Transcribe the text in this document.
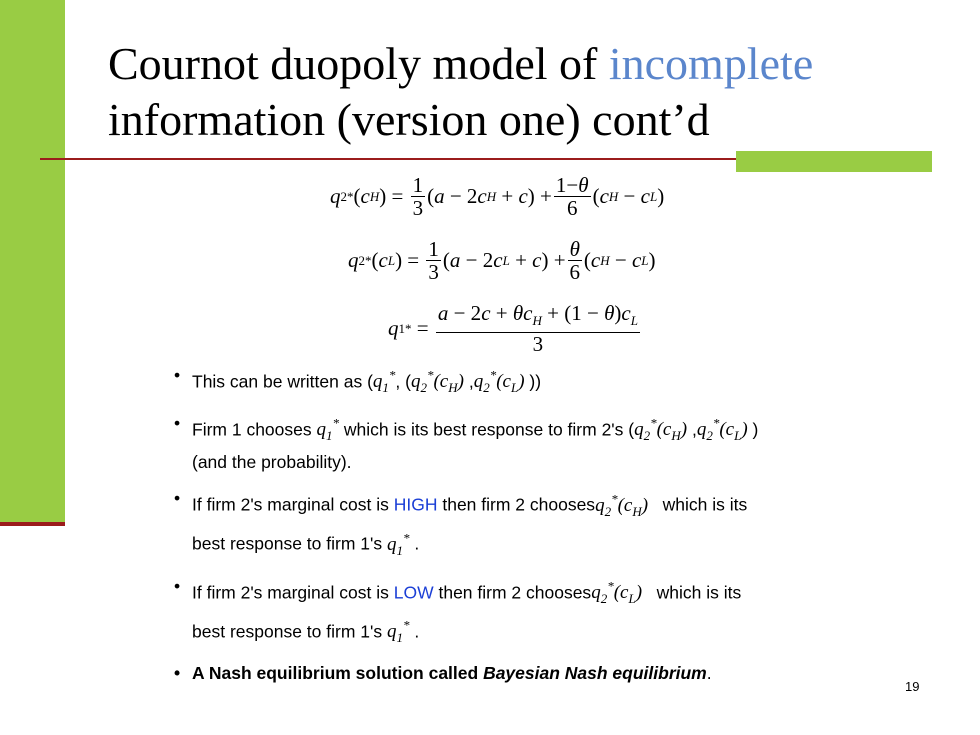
Cournot duopoly model of incomplete
information (version one) cont’d
q 2 * ( c H ) = $\frac{1}{3}$ ( a − 2 c H + c ) + $\frac{1-\theta}{6}$ ( c H − c L )
q 2 * ( c L ) = $\frac{1}{3}$ ( a − 2 c L + c ) + $\frac{\theta}{6}$ ( c H − c L )
q 1 * = $\frac{a - 2c + \theta c_H + (1 - \theta)c_L}{3}$
• This can be written as ($q_1^*$, ($q_2^*(c_H)$ $,q_2^*(c_L)$ ))
• Firm 1 chooses $q_1^*$ which is its best response to firm 2's ($q_2^*(c_H)$ $,q_2^*(c_L)$ )
(and the probability).
• If firm 2's marginal cost is HIGH then firm 2 $choosesq_2^*(c_H)$   which is its
best response to firm 1's $q_1^*$ .
• If firm 2's marginal cost is LOW then firm 2 $choosesq_2^*(c_L)$   which is its
best response to firm 1's $q_1^*$ .
• A Nash equilibrium solution called Bayesian Nash equilibrium.
19
